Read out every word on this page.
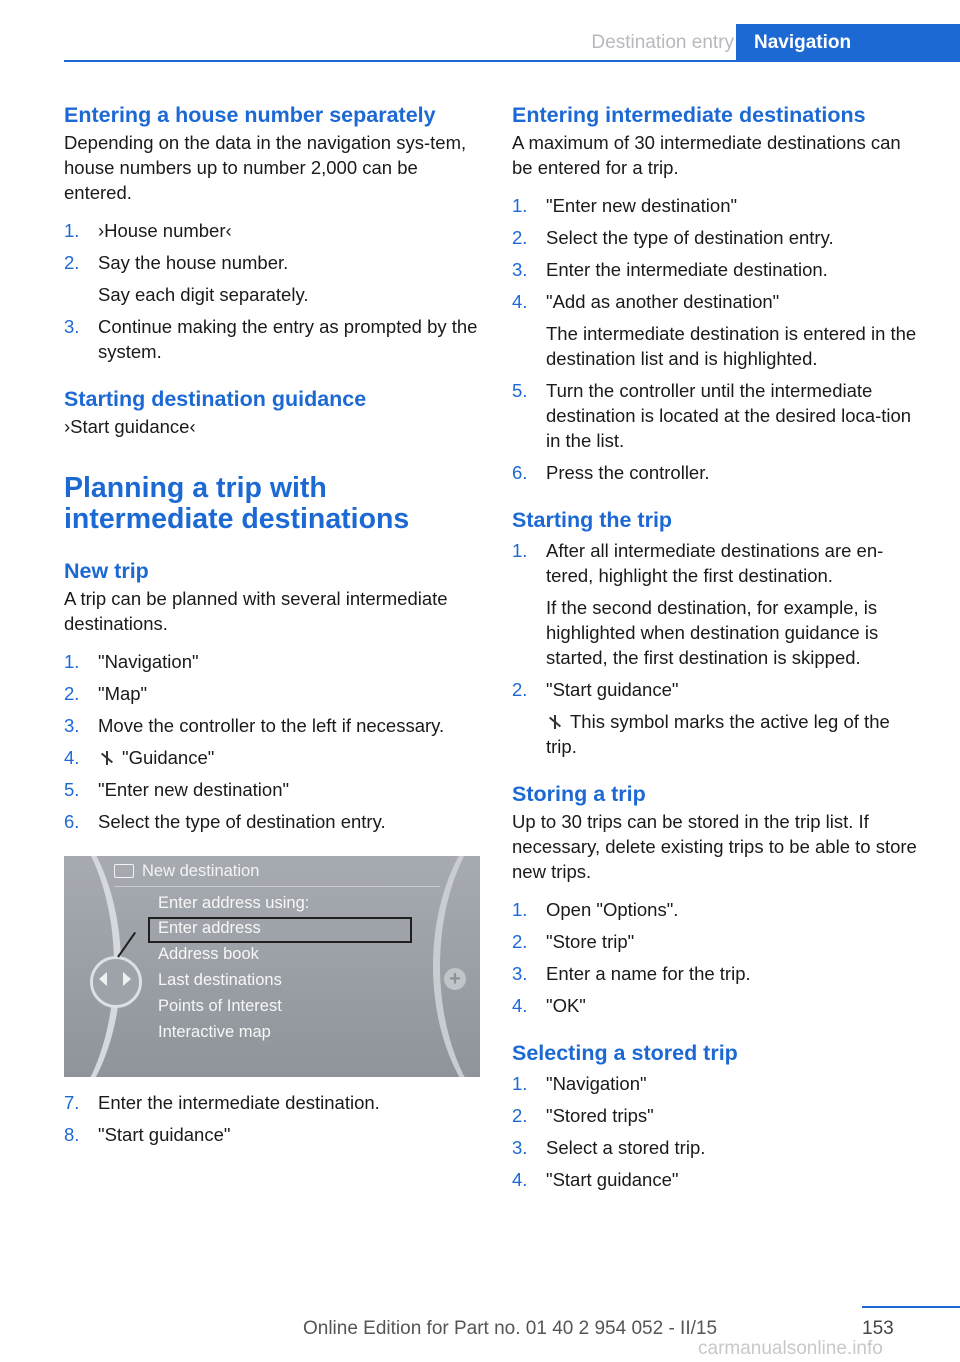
Destination entry	Navigation
Entering a house number separately

Depending on the data in the navigation sys-tem, house numbers up to number 2,000 can be entered.

1. ›House number‹
2. Say the house number.
Say each digit separately.
3. Continue making the entry as prompted by the system.
Starting destination guidance

›Start guidance‹

Planning a trip with intermediate destinations
New trip

A trip can be planned with several intermediate destinations.

1. "Navigation"
2. "Map"
3. Move the controller to the left if necessary.
4. "Guidance"
5. "Enter new destination"
6. Select the type of destination entry.
New destination
Enter address using:
Enter address
Address book
Last destinations
Points of Interest
Interactive map
+
7. Enter the intermediate destination.
8. "Start guidance"
Entering intermediate destinations

A maximum of 30 intermediate destinations can be entered for a trip.

1. "Enter new destination"
2. Select the type of destination entry.
3. Enter the intermediate destination.
4. "Add as another destination"
The intermediate destination is entered in the destination list and is highlighted.
5. Turn the controller until the intermediate destination is located at the desired loca-tion in the list.
6. Press the controller.
Starting the trip
1. After all intermediate destinations are en-tered, highlight the first destination.
If the second destination, for example, is highlighted when destination guidance is started, the first destination is skipped.
2. "Start guidance"
This symbol marks the active leg of the trip.
Storing a trip

Up to 30 trips can be stored in the trip list. If necessary, delete existing trips to be able to store new trips.

1. Open "Options".
2. "Store trip"
3. Enter a name for the trip.
4. "OK"
Selecting a stored trip
1. "Navigation"
2. "Stored trips"
3. Select a stored trip.
4. "Start guidance"
153
Online Edition for Part no. 01 40 2 954 052 - II/15
carmanualsonline.info
